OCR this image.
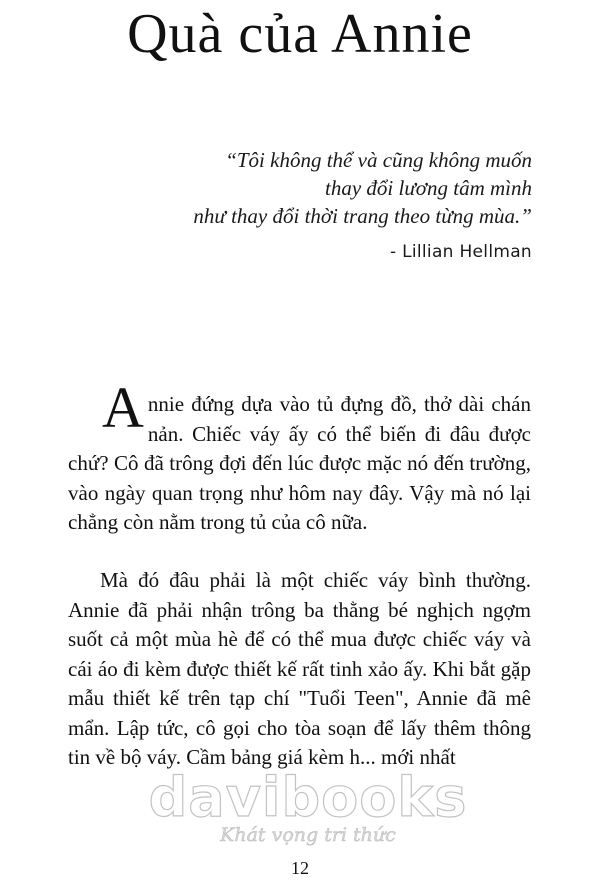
Quà của Annie
“Tôi không thể và cũng không muốn
thay đổi lương tâm mình
như thay đổi thời trang theo từng mùa.”
- Lillian Hellman
Annie đứng dựa vào tủ đựng đồ, thở dài chán nản. Chiếc váy ấy có thể biến đi đâu được chứ? Cô đã trông đợi đến lúc được mặc nó đến trường, vào ngày quan trọng như hôm nay đây. Vậy mà nó lại chẳng còn nằm trong tủ của cô nữa.
Mà đó đâu phải là một chiếc váy bình thường. Annie đã phải nhận trông ba thằng bé nghịch ngợm suốt cả một mùa hè để có thể mua được chiếc váy và cái áo đi kèm được thiết kế rất tinh xảo ấy. Khi bắt gặp mẫu thiết kế trên tạp chí "Tuổi Teen", Annie đã mê mẩn. Lập tức, cô gọi cho tòa soạn để lấy thêm thông tin về bộ váy. Cầm bảng giá kèm h... mới nhất
davibooks
Khát vọng tri thức
12
